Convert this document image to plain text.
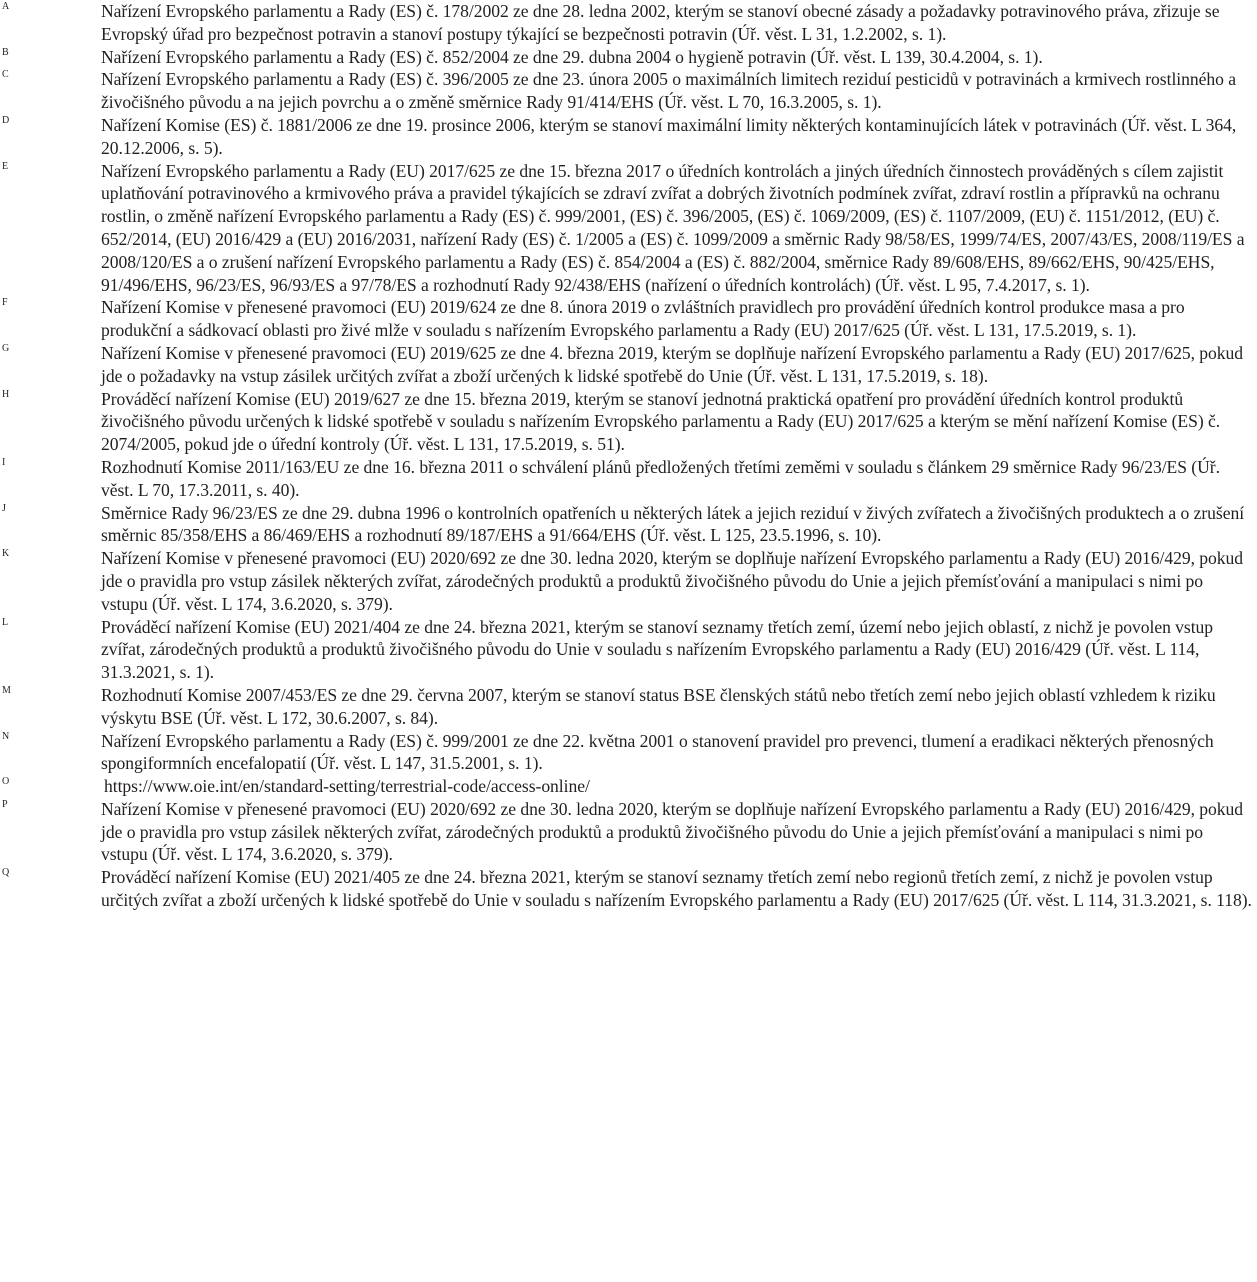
A	Nařízení Evropského parlamentu a Rady (ES) č. 178/2002 ze dne 28. ledna 2002, kterým se stanoví obecné zásady a požadavky potravinového práva, zřizuje se Evropský úřad pro bezpečnost potravin a stanoví postupy týkající se bezpečnosti potravin (Úř. věst. L 31, 1.2.2002, s. 1).
B	Nařízení Evropského parlamentu a Rady (ES) č. 852/2004 ze dne 29. dubna 2004 o hygieně potravin (Úř. věst. L 139, 30.4.2004, s. 1).
C	Nařízení Evropského parlamentu a Rady (ES) č. 396/2005 ze dne 23. února 2005 o maximálních limitech reziduí pesticidů v potravinách a krmivech rostlinného a živočišného původu a na jejich povrchu a o změně směrnice Rady 91/414/EHS (Úř. věst. L 70, 16.3.2005, s. 1).
D	Nařízení Komise (ES) č. 1881/2006 ze dne 19. prosince 2006, kterým se stanoví maximální limity některých kontaminujících látek v potravinách (Úř. věst. L 364, 20.12.2006, s. 5).
E	Nařízení Evropského parlamentu a Rady (EU) 2017/625 ze dne 15. března 2017 o úředních kontrolách a jiných úředních činnostech prováděných s cílem zajistit uplatňování potravinového a krmivového práva a pravidel týkajících se zdraví zvířat a dobrých životních podmínek zvířat, zdraví rostlin a přípravků na ochranu rostlin, o změně nařízení Evropského parlamentu a Rady (ES) č. 999/2001, (ES) č. 396/2005, (ES) č. 1069/2009, (ES) č. 1107/2009, (EU) č. 1151/2012, (EU) č. 652/2014, (EU) 2016/429 a (EU) 2016/2031, nařízení Rady (ES) č. 1/2005 a (ES) č. 1099/2009 a směrnic Rady 98/58/ES, 1999/74/ES, 2007/43/ES, 2008/119/ES a 2008/120/ES a o zrušení nařízení Evropského parlamentu a Rady (ES) č. 854/2004 a (ES) č. 882/2004, směrnice Rady 89/608/EHS, 89/662/EHS, 90/425/EHS, 91/496/EHS, 96/23/ES, 96/93/ES a 97/78/ES a rozhodnutí Rady 92/438/EHS (nařízení o úředních kontrolách) (Úř. věst. L 95, 7.4.2017, s. 1).
F	Nařízení Komise v přenesené pravomoci (EU) 2019/624 ze dne 8. února 2019 o zvláštních pravidlech pro provádění úředních kontrol produkce masa a pro produkční a sádkovací oblasti pro živé mlže v souladu s nařízením Evropského parlamentu a Rady (EU) 2017/625 (Úř. věst. L 131, 17.5.2019, s. 1).
G	Nařízení Komise v přenesené pravomoci (EU) 2019/625 ze dne 4. března 2019, kterým se doplňuje nařízení Evropského parlamentu a Rady (EU) 2017/625, pokud jde o požadavky na vstup zásilek určitých zvířat a zboží určených k lidské spotřebě do Unie (Úř. věst. L 131, 17.5.2019, s. 18).
H	Prováděcí nařízení Komise (EU) 2019/627 ze dne 15. března 2019, kterým se stanoví jednotná praktická opatření pro provádění úředních kontrol produktů živočišného původu určených k lidské spotřebě v souladu s nařízením Evropského parlamentu a Rady (EU) 2017/625 a kterým se mění nařízení Komise (ES) č. 2074/2005, pokud jde o úřední kontroly (Úř. věst. L 131, 17.5.2019, s. 51).
I	Rozhodnutí Komise 2011/163/EU ze dne 16. března 2011 o schválení plánů předložených třetími zeměmi v souladu s článkem 29 směrnice Rady 96/23/ES (Úř. věst. L 70, 17.3.2011, s. 40).
J	Směrnice Rady 96/23/ES ze dne 29. dubna 1996 o kontrolních opatřeních u některých látek a jejich reziduí v živých zvířatech a živočišných produktech a o zrušení směrnic 85/358/EHS a 86/469/EHS a rozhodnutí 89/187/EHS a 91/664/EHS (Úř. věst. L 125, 23.5.1996, s. 10).
K	Nařízení Komise v přenesené pravomoci (EU) 2020/692 ze dne 30. ledna 2020, kterým se doplňuje nařízení Evropského parlamentu a Rady (EU) 2016/429, pokud jde o pravidla pro vstup zásilek některých zvířat, zárodečných produktů a produktů živočišného původu do Unie a jejich přemísťování a manipulaci s nimi po vstupu (Úř. věst. L 174, 3.6.2020, s. 379).
L	Prováděcí nařízení Komise (EU) 2021/404 ze dne 24. března 2021, kterým se stanoví seznamy třetích zemí, území nebo jejich oblastí, z nichž je povolen vstup zvířat, zárodečných produktů a produktů živočišného původu do Unie v souladu s nařízením Evropského parlamentu a Rady (EU) 2016/429 (Úř. věst. L 114, 31.3.2021, s. 1).
M	Rozhodnutí Komise 2007/453/ES ze dne 29. června 2007, kterým se stanoví status BSE členských států nebo třetích zemí nebo jejich oblastí vzhledem k riziku výskytu BSE (Úř. věst. L 172, 30.6.2007, s. 84).
N	Nařízení Evropského parlamentu a Rady (ES) č. 999/2001 ze dne 22. května 2001 o stanovení pravidel pro prevenci, tlumení a eradikaci některých přenosných spongiformních encefalopatií (Úř. věst. L 147, 31.5.2001, s. 1).
O	https://www.oie.int/en/standard-setting/terrestrial-code/access-online/
P	Nařízení Komise v přenesené pravomoci (EU) 2020/692 ze dne 30. ledna 2020, kterým se doplňuje nařízení Evropského parlamentu a Rady (EU) 2016/429, pokud jde o pravidla pro vstup zásilek některých zvířat, zárodečných produktů a produktů živočišného původu do Unie a jejich přemísťování a manipulaci s nimi po vstupu (Úř. věst. L 174, 3.6.2020, s. 379).
Q	Prováděcí nařízení Komise (EU) 2021/405 ze dne 24. března 2021, kterým se stanoví seznamy třetích zemí nebo regionů třetích zemí, z nichž je povolen vstup určitých zvířat a zboží určených k lidské spotřebě do Unie v souladu s nařízením Evropského parlamentu a Rady (EU) 2017/625 (Úř. věst. L 114, 31.3.2021, s. 118).
